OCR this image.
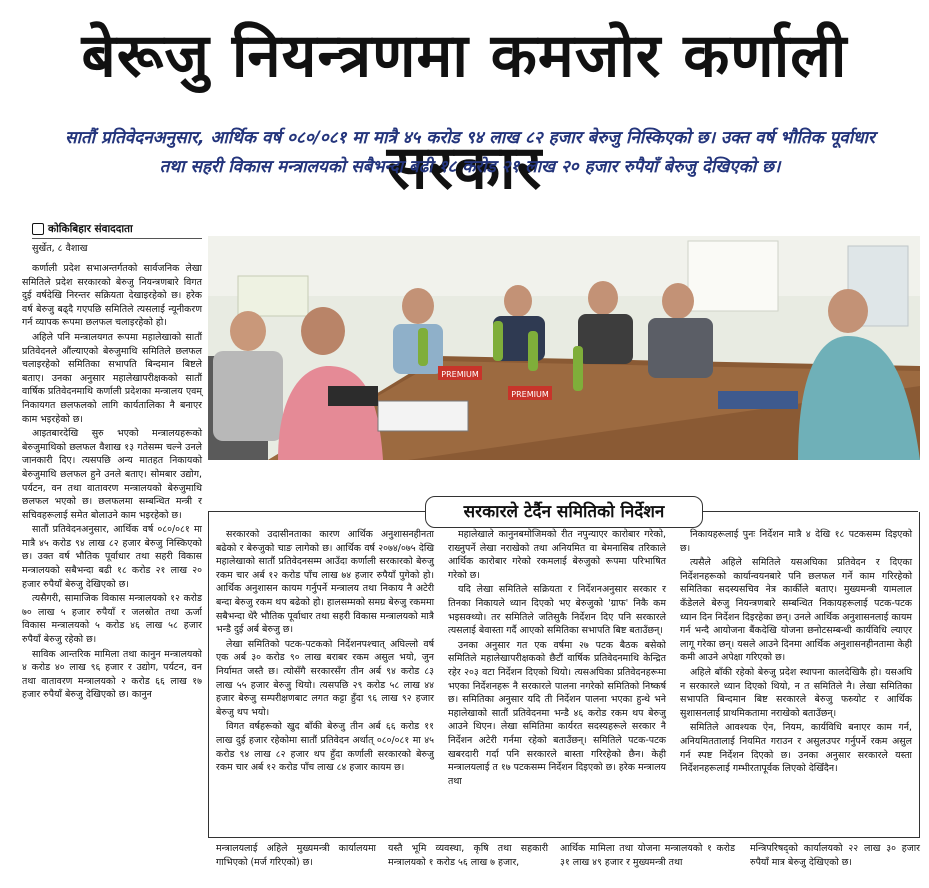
बेरूजु नियन्त्रणमा कमजोर कर्णाली सरकार
सातौं प्रतिवेदनअनुसार, आर्थिक वर्ष ०८०/०८१ मा मात्रै ४५ करोड ९४ लाख ८२ हजार बेरुजु निस्किएको छ। उक्त वर्ष भौतिक पूर्वाधार तथा सहरी विकास मन्त्रालयको सबैभन्दा बढी १८ करोड २१ लाख २० हजार रुपैयाँ बेरुजु देखिएको छ।
कोकिबिहार संवाददाता
सुर्खेत, ८ वैशाख

कर्णाली प्रदेश सभाअन्तर्गतको सार्वजनिक लेखा समितिले प्रदेश सरकारको बेरुजु नियन्त्रणबारे विगत दुई वर्षदेखि निरन्तर सक्रियता देखाइरहेको छ। हरेक वर्ष बेरुजु बढ्दै गएपछि समितिले त्यसलाई न्यूनीकरण गर्न व्यापक रूपमा छलफल चलाइरहेको हो।

अहिले पनि मन्त्रालयगत रूपमा महालेखाको सातौं प्रतिवेदनले औंल्याएको बेरुजुमाथि समितिले छलफल चलाइरहेको समितिका सभापति बिन्दमान बिष्टले बताए। उनका अनुसार महालेखापरीक्षकको सातौं वार्षिक प्रतिवेदनमाथि कर्णाली प्रदेशका मन्त्रालय एवम् निकायगत छलफलको लागि कार्यतालिका नै बनाएर काम भइरहेको छ।

आइतबारदेखि सुरु भएको मन्त्रालयहरूको बेरुजुमाथिको छलफल वैशाख १३ गतेसम्म चल्ने उनले जानकारी दिए। त्यसपछि अन्य मातहत निकायको बेरुजुमाथि छलफल हुने उनले बताए। सोमबार उद्योग, पर्यटन, वन तथा वातावरण मन्त्रालयको बेरुजुमाथि छलफल भएको छ। छलफलमा सम्बन्धित मन्त्री र सचिवहरूलाई समेत बोलाउने काम भइरहेको छ।

सातौं प्रतिवेदनअनुसार, आर्थिक वर्ष ०८०/०८१ मा मात्रै ४५ करोड ९४ लाख ८२ हजार बेरुजु निस्किएको छ। उक्त वर्ष भौतिक पूर्वाधार तथा सहरी विकास मन्त्रालयको सबैभन्दा बढी १८ करोड २१ लाख २० हजार रुपैयाँ बेरुजु देखिएको छ।

त्यसैगरी, सामाजिक विकास मन्त्रालयको १२ करोड ७० लाख ५ हजार रुपैयाँ र जलस्रोत तथा ऊर्जा विकास मन्त्रालयको ५ करोड ४६ लाख ५८ हजार रुपैयाँ बेरुजु रहेको छ।

साविक आन्तरिक मामिला तथा कानुन मन्त्रालयको ४ करोड ४० लाख ९६ हजार र उद्योग, पर्यटन, वन तथा वातावरण मन्त्रालयको २ करोड ६६ लाख १७ हजार रुपैयाँ बेरुजु देखिएको छ। कानुन

PREMIUM
PREMIUM
सरकारले टेर्दैन समितिको निर्देशन

सरकारको उदासीनताका कारण आर्थिक अनुशासनहीनता बढेको र बेरुजुको चाङ लागेको छ। आर्थिक वर्ष २०७४/०७५ देखि महालेखाको सातौं प्रतिवेदनसम्म आउँदा कर्णाली सरकारको बेरुजु रकम चार अर्ब १२ करोड पाँच लाख ७४ हजार रुपैयाँ पुगेको हो। आर्थिक अनुशासन कायम गर्नुपर्ने मन्त्रालय तथा निकाय नै अटेरी बन्दा बेरुजु रकम थप बढेको हो। हालसम्मको समग्र बेरुजु रकममा सबैभन्दा धेरै भौतिक पूर्वाधार तथा सहरी विकास मन्त्रालयको मात्रै भन्डै दुई अर्ब बेरुजु छ।

लेखा समितिको पटक-पटकको निर्देशनपश्चात् अघिल्लो वर्ष एक अर्ब ३० करोड ९० लाख बराबर रकम असुल भयो, जुन निर्यामत जस्तै छ। त्योसँगै सरकारसँग तीन अर्ब ९४ करोड ८३ लाख ५५ हजार बेरुजु थियो। त्यसपछि २९ करोड ५८ लाख ४४ हजार बेरुजु सम्परीक्षणबाट लगत कट्टा हुँदा ९६ लाख ९२ हजार बेरुजु थप भयो।

विगत वर्षहरूको खुद बाँकी बेरुजु तीन अर्ब ६६ करोड ११ लाख दुई हजार रहेकोमा सातौं प्रतिवेदन अर्थात् ०८०/०८१ मा ४५ करोड ९४ लाख ८२ हजार थप हुँदा कर्णाली सरकारको बेरुजु रकम चार अर्ब १२ करोड पाँच लाख ८४ हजार कायम छ।

महालेखाले कानुनबमोजिमको रीत नपुन्याएर कारोबार गरेको, राख्नुपर्ने लेखा नराखेको तथा अनियमित वा बेमनासिब तरिकाले आर्थिक कारोबार गरेको रकमलाई बेरुजुको रूपमा परिभाषित गरेको छ।

यदि लेखा समितिले सक्रियता र निर्देशनअनुसार सरकार र तिनका निकायले ध्यान दिएको भए बेरुजुको 'ग्राफ' निकै कम भइसक्थ्यो। तर समितिले जतिसुकै निर्देशन दिए पनि सरकारले त्यसलाई बेवास्ता गर्दै आएको समितिका सभापति बिष्ट बताउँछन्।

उनका अनुसार गत एक वर्षमा २७ पटक बैठक बसेको समितिले महालेखापरीक्षकको छैटौं वार्षिक प्रतिवेदनमाथि केन्द्रित रहेर २०३ वटा निर्देशन दिएको थियो। त्यसअघिका प्रतिवेदनहरूमा भएका निर्देशनहरू नै सरकारले पालना नगरेको समितिको निष्कर्ष छ। समितिका अनुसार यदि ती निर्देशन पालना भएका हुन्थे भने महालेखाको सातौं प्रतिवेदनमा भन्डै ४६ करोड रकम थप बेरुजु आउने थिएन। लेखा समितिमा कार्यरत सदस्यहरूले सरकार नै निर्देशन अटेरी गर्नमा रहेको बताउँछन्। समितिले पटक-पटक खबरदारी गर्दा पनि सरकारले बास्ता गरिरहेको छैन। केही मन्त्रालयलाई त १७ पटकसम्म निर्देशन दिइएको छ। हरेक मन्त्रालय तथा

निकायहरूलाई पुनः निर्देशन मात्रै ४ देखि १८ पटकसम्म दिइएको छ।

त्यसैले अहिले समितिले यसअघिका प्रतिवेदन र दिएका निर्देशनहरूको कार्यान्वयनबारे पनि छलफल गर्ने काम गरिरहेको समितिका सदस्यसचिव नेत्र कार्कीले बताए। मुख्यमन्त्री यामलाल कँडेलले बेरुजु नियन्त्रणबारे सम्बन्धित निकायहरूलाई पटक-पटक ध्यान दिन निर्देशन दिइरहेका छन्। उनले आर्थिक अनुशासनलाई कायम गर्न भन्दै आयोजना बैंकदेखि योजना छनोटसम्बन्धी कार्यविधि ल्याएर लागू गरेका छन्। यसले आउने दिनमा आर्थिक अनुशासनहीनतामा केही कमी आउने अपेक्षा गरिएको छ।

अहिले बाँकी रहेको बेरुजु प्रदेश स्थापना कालदेखिकै हो। यसअघि न सरकारले ध्यान दिएको थियो, न त समितिले नै। लेखा समितिका सभापति बिन्दमान बिष्ट सरकारले बेरुजु फस्र्योट र आर्थिक सुशासनलाई प्राथमिकतामा नराखेको बताउँछन्।

समितिले आवश्यक ऐन, नियम, कार्यविधि बनाएर काम गर्न, अनियमिततालाई नियमित गराउन र असुलउपर गर्नुपर्ने रकम असुल गर्न स्पष्ट निर्देशन दिएको छ। उनका अनुसार सरकारले यस्ता निर्देशनहरूलाई गम्भीरतापूर्वक लिएको देखिँदैन।

मन्त्रालयलाई अहिले मुख्यमन्त्री कार्यालयमा गाभिएको (मर्ज गरिएको) छ।
यस्तै भूमि व्यवस्था, कृषि तथा सहकारी मन्त्रालयको १ करोड ५६ लाख ७ हजार,
आर्थिक मामिला तथा योजना मन्त्रालयको १ करोड ३१ लाख ४९ हजार र मुख्यमन्त्री तथा
मन्त्रिपरिषद्को कार्यालयको २२ लाख ३० हजार रुपैयाँ मात्र बेरुजु देखिएको छ।
